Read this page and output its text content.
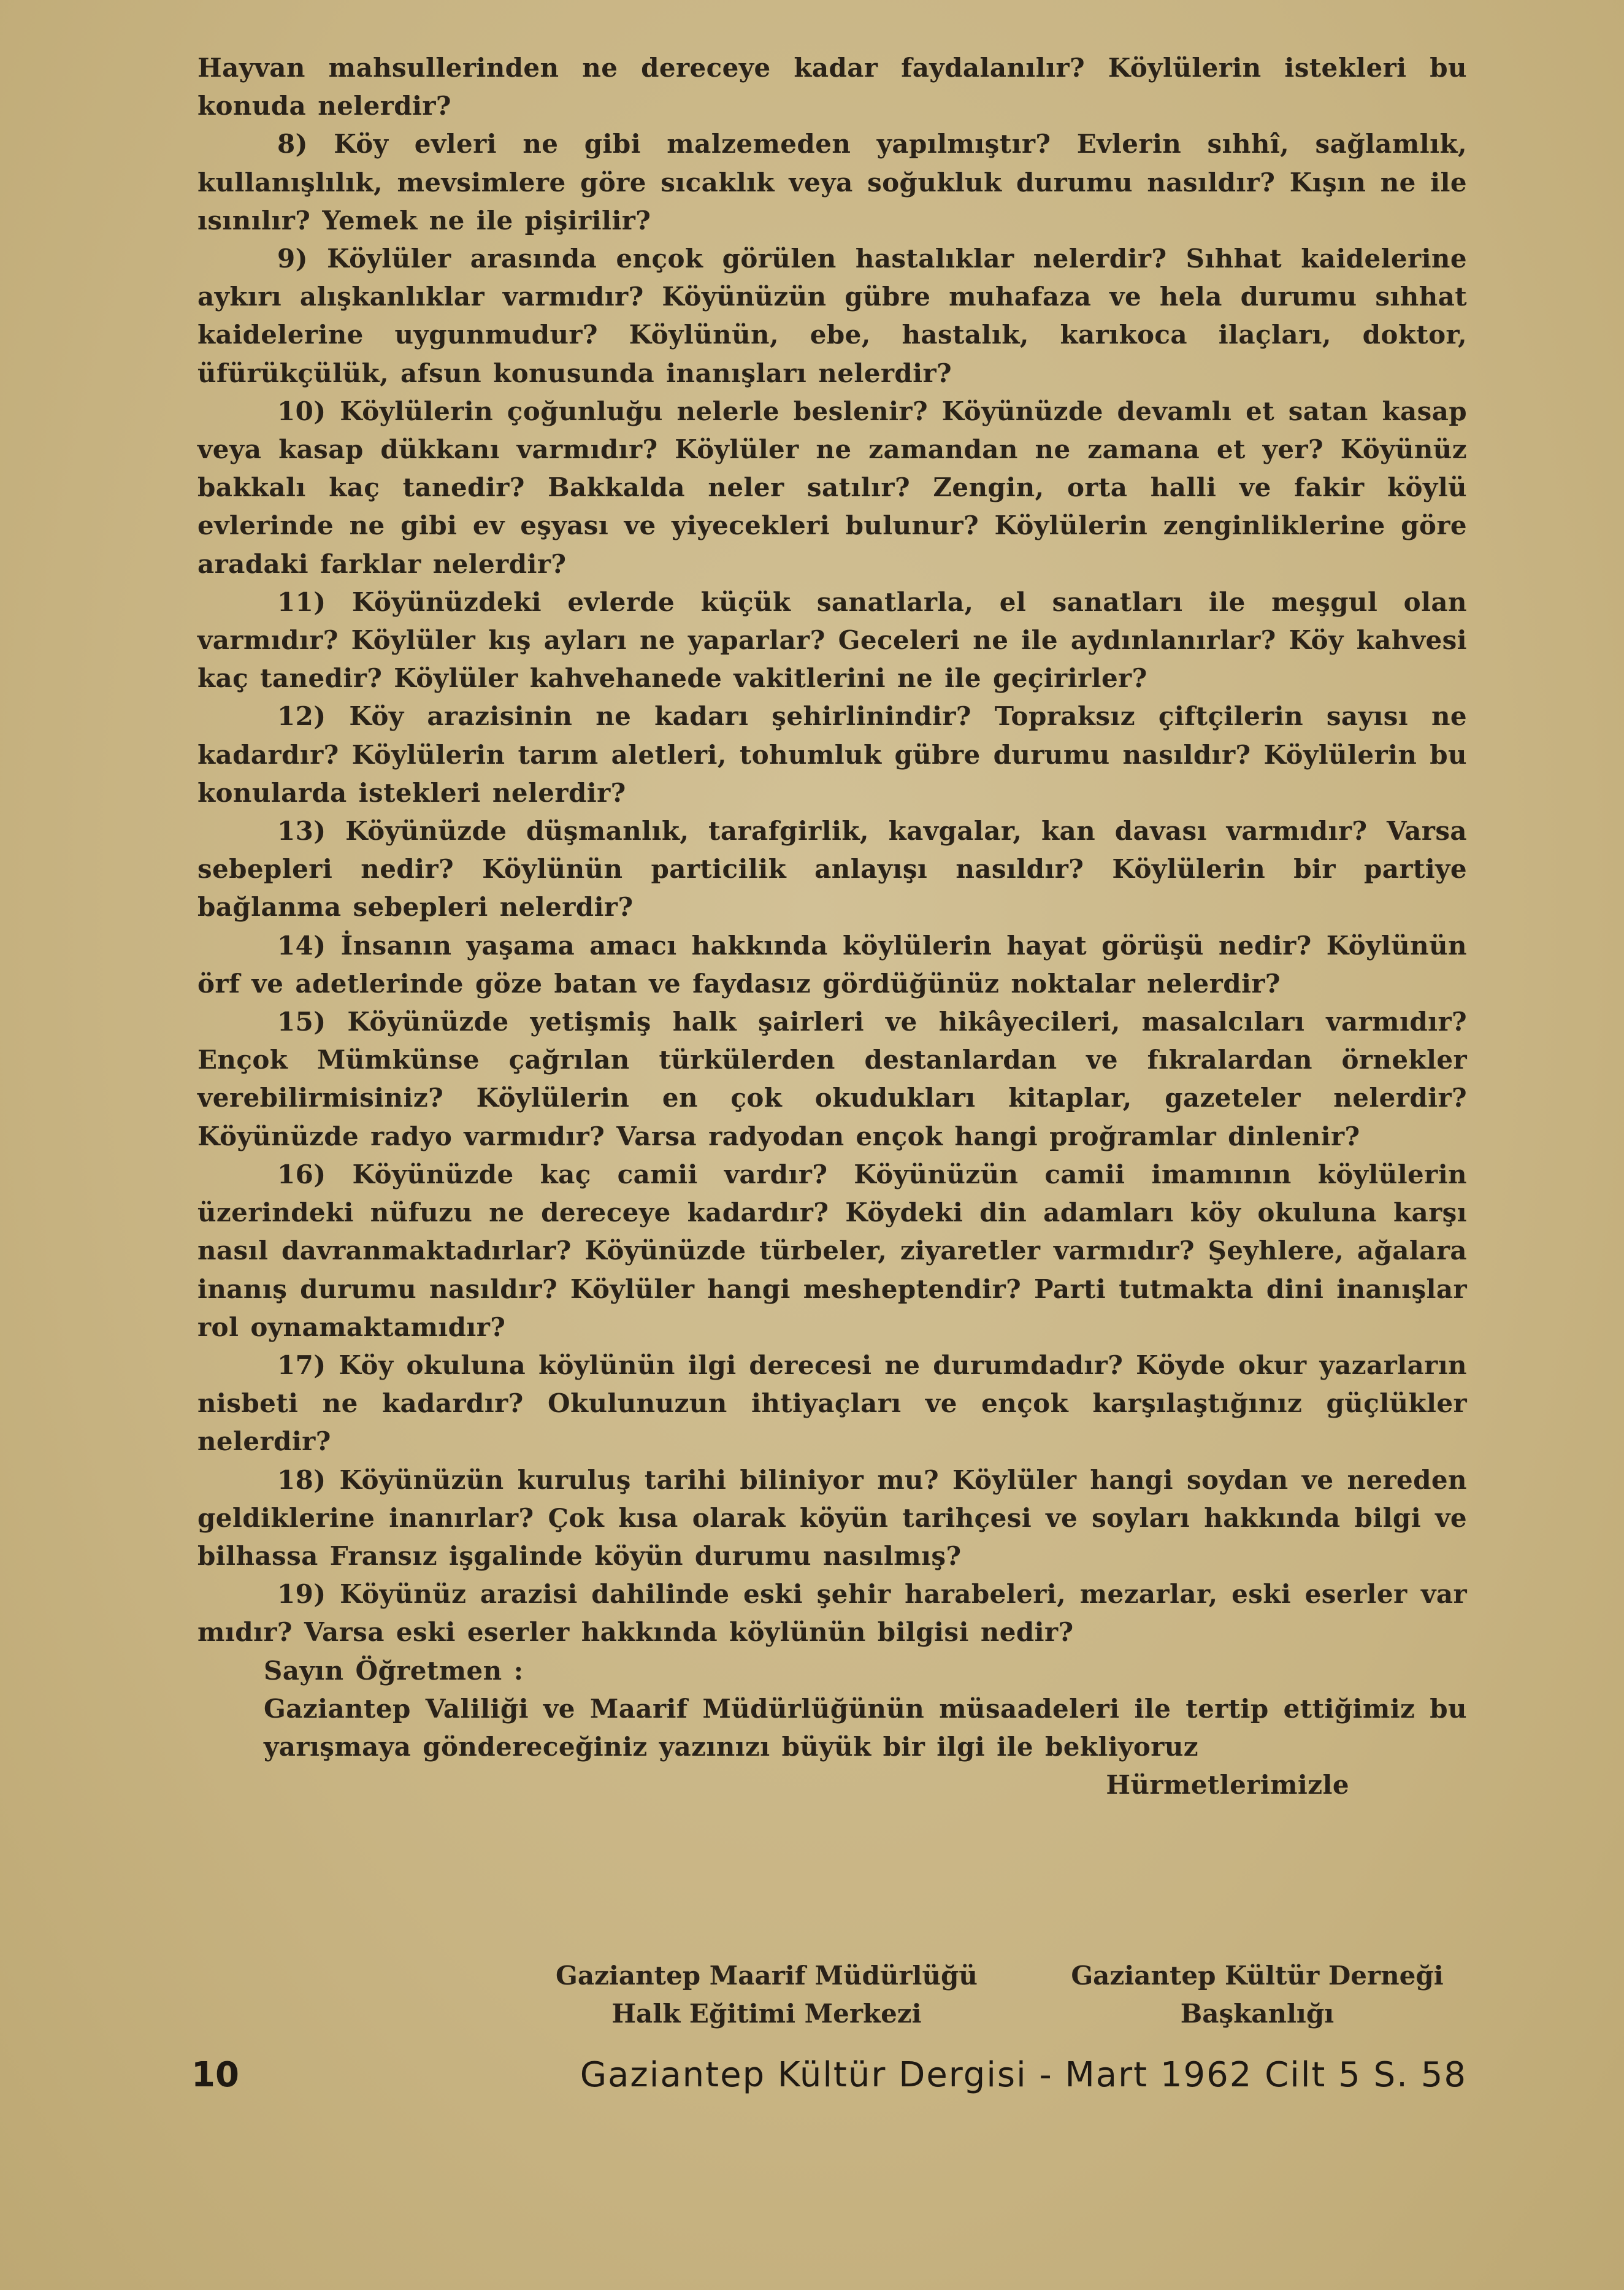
Hayvan mahsullerinden ne dereceye kadar faydalanılır? Köylülerin istekleri bu konuda nelerdir?

8) Köy evleri ne gibi malzemeden yapılmıştır? Evlerin sıhhî, sağlamlık, kullanışlılık, mevsimlere göre sıcaklık veya soğukluk durumu nasıldır? Kışın ne ile ısınılır? Yemek ne ile pişirilir?

9) Köylüler arasında ençok görülen hastalıklar nelerdir? Sıhhat kaidelerine aykırı alışkanlıklar varmıdır? Köyünüzün gübre muhafaza ve hela durumu sıhhat kaidelerine uygunmudur? Köylünün, ebe, hastalık, karıkoca ilaçları, doktor, üfürükçülük, afsun konusunda inanışları nelerdir?

10) Köylülerin çoğunluğu nelerle beslenir? Köyünüzde devamlı et satan kasap veya kasap dükkanı varmıdır? Köylüler ne zamandan ne zamana et yer? Köyünüz bakkalı kaç tanedir? Bakkalda neler satılır? Zengin, orta halli ve fakir köylü evlerinde ne gibi ev eşyası ve yiyecekleri bulunur? Köylülerin zenginliklerine göre aradaki farklar nelerdir?

11) Köyünüzdeki evlerde küçük sanatlarla, el sanatları ile meşgul olan varmıdır? Köylüler kış ayları ne yaparlar? Geceleri ne ile aydınlanırlar? Köy kahvesi kaç tanedir? Köylüler kahvehanede vakitlerini ne ile geçirirler?

12) Köy arazisinin ne kadarı şehirlinindir? Topraksız çiftçilerin sayısı ne kadardır? Köylülerin tarım aletleri, tohumluk gübre durumu nasıldır? Köylülerin bu konularda istekleri nelerdir?

13) Köyünüzde düşmanlık, tarafgirlik, kavgalar, kan davası varmıdır? Varsa sebepleri nedir? Köylünün particilik anlayışı nasıldır? Köylülerin bir partiye bağlanma sebepleri nelerdir?

14) İnsanın yaşama amacı hakkında köylülerin hayat görüşü nedir? Köylünün örf ve adetlerinde göze batan ve faydasız gördüğünüz noktalar nelerdir?

15) Köyünüzde yetişmiş halk şairleri ve hikâyecileri, masalcıları varmıdır? Ençok Mümkünse çağrılan türkülerden destanlardan ve fıkralardan örnekler verebilirmisiniz? Köylülerin en çok okudukları kitaplar, gazeteler nelerdir? Köyünüzde radyo varmıdır? Varsa radyodan ençok hangi proğramlar dinlenir?

16) Köyünüzde kaç camii vardır? Köyünüzün camii imamının köylülerin üzerindeki nüfuzu ne dereceye kadardır? Köydeki din adamları köy okuluna karşı nasıl davranmaktadırlar? Köyünüzde türbeler, ziyaretler varmıdır? Şeyhlere, ağalara inanış durumu nasıldır? Köylüler hangi mesheptendir? Parti tutmakta dini inanışlar rol oynamaktamıdır?

17) Köy okuluna köylünün ilgi derecesi ne durumdadır? Köyde okur yazarların nisbeti ne kadardır? Okulunuzun ihtiyaçları ve ençok karşılaştığınız güçlükler nelerdir?

18) Köyünüzün kuruluş tarihi biliniyor mu? Köylüler hangi soydan ve nereden geldiklerine inanırlar? Çok kısa olarak köyün tarihçesi ve soyları hakkında bilgi ve bilhassa Fransız işgalinde köyün durumu nasılmış?

19) Köyünüz arazisi dahilinde eski şehir harabeleri, mezarlar, eski eserler var mıdır? Varsa eski eserler hakkında köylünün bilgisi nedir?

Sayın Öğretmen :

Gaziantep Valiliği ve Maarif Müdürlüğünün müsaadeleri ile tertip ettiğimiz bu yarışmaya göndereceğiniz yazınızı büyük bir ilgi ile bekliyoruz

Hürmetlerimizle

Gaziantep Maarif Müdürlüğü
Halk Eğitimi Merkezi
Gaziantep Kültür Derneği
Başkanlığı
10	Gaziantep Kültür Dergisi - Mart 1962 Cilt 5 S. 58
